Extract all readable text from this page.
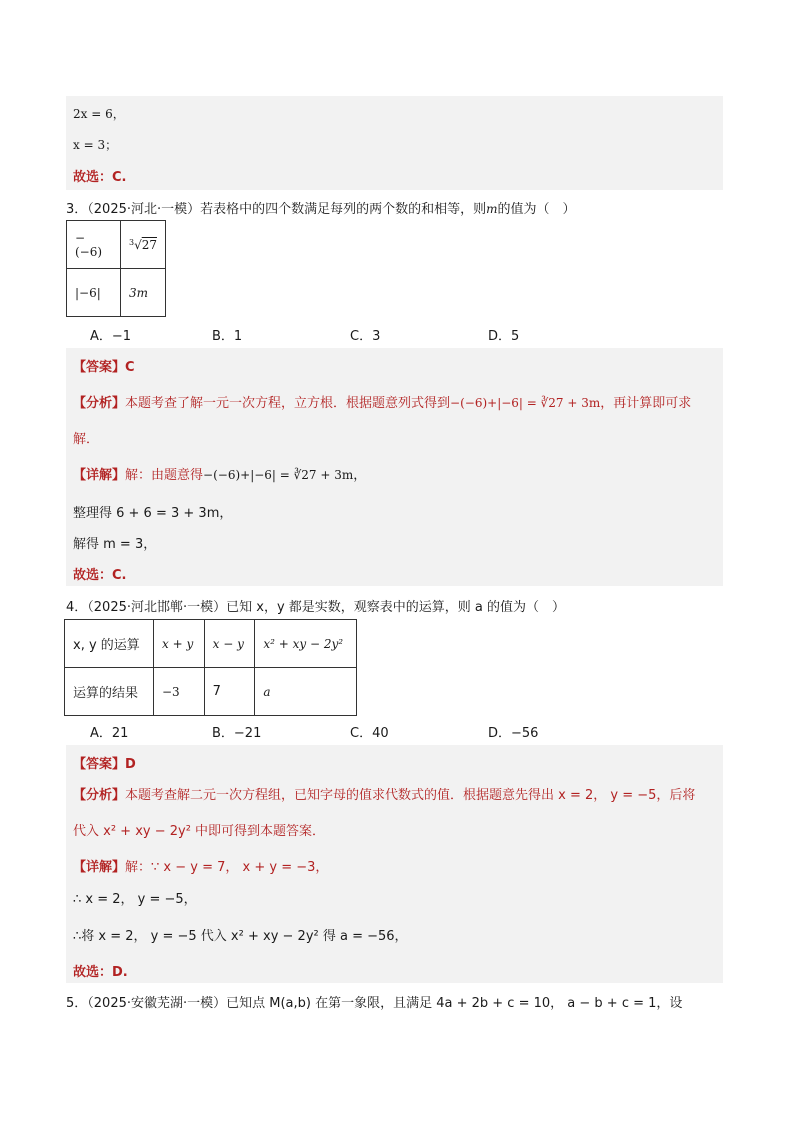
2x = 6，
x = 3；
故选：C.
3．（2025·河北·一模）若表格中的四个数满足每列的两个数的和相等，则m的值为（　）
−(−6)	$^3$√27
|−6|	3m
A．−1	B．1	C．3	D．5
【答案】C
【分析】本题考查了解一元一次方程，立方根．根据题意列式得到−(−6)+|−6| = ∛27 + 3m，再计算即可求
解．
【详解】解：由题意得−(−6)+|−6| = ∛27 + 3m，
整理得 6 + 6 = 3 + 3m，
解得 m = 3，
故选：C.
4．（2025·河北邯郸·一模）已知 x，y 都是实数，观察表中的运算，则 a 的值为（　）
x, y 的运算	x + y	x − y	x² + xy − 2y²
运算的结果	−3	7	a
A．21	B．−21	C．40	D．−56
【答案】D
【分析】本题考查解二元一次方程组，已知字母的值求代数式的值．根据题意先得出 x = 2， y = −5，后将
代入 x² + xy − 2y² 中即可得到本题答案．
【详解】解：∵ x − y = 7， x + y = −3，
∴ x = 2， y = −5，
∴将 x = 2， y = −5 代入 x² + xy − 2y² 得 a = −56，
故选：D.
5．（2025·安徽芜湖·一模）已知点 M(a,b) 在第一象限，且满足 4a + 2b + c = 10， a − b + c = 1，设
